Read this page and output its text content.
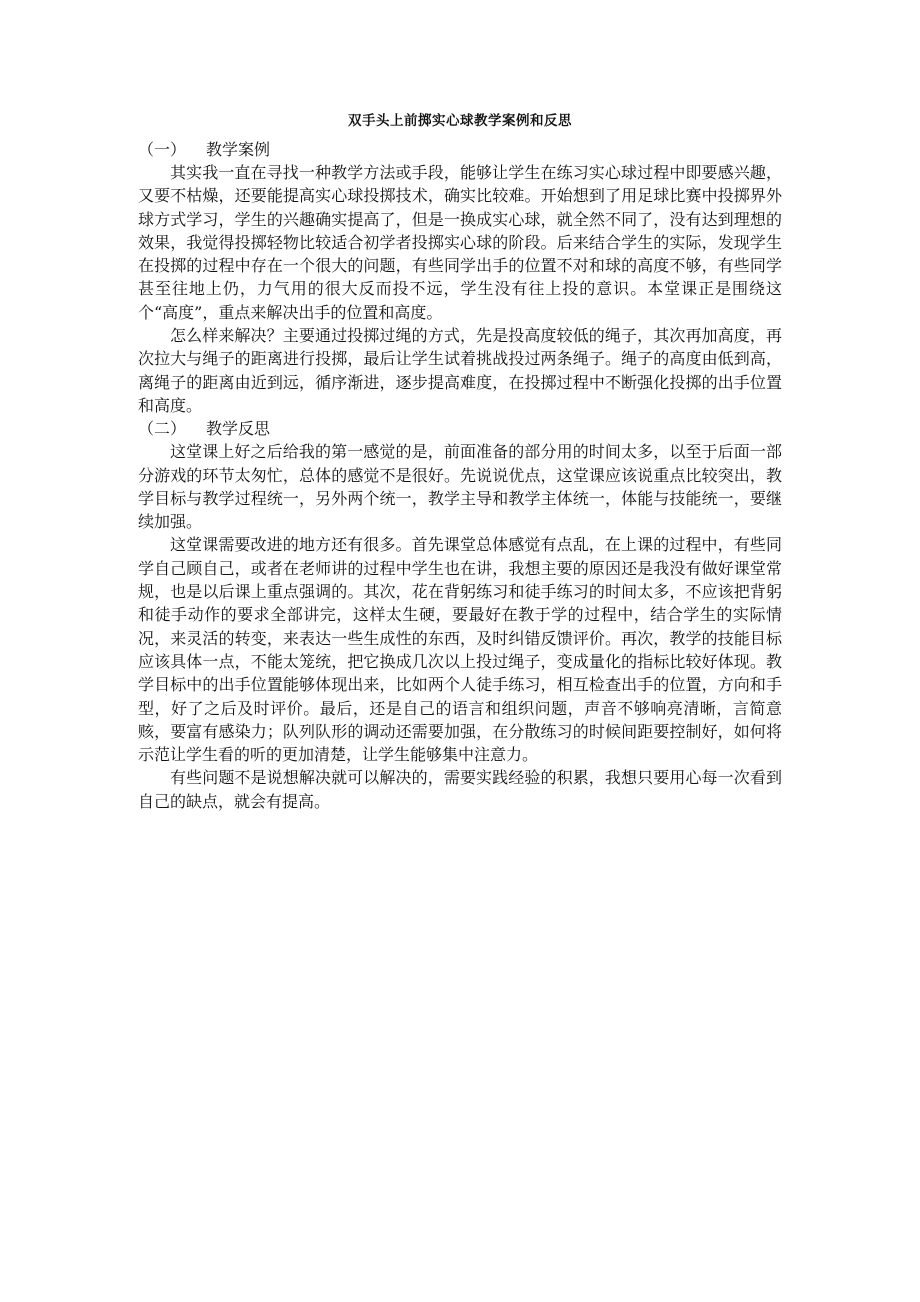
双手头上前掷实心球教学案例和反思

（一） 教学案例

其实我一直在寻找一种教学方法或手段，能够让学生在练习实心球过程中即要感兴趣，又要不枯燥，还要能提高实心球投掷技术，确实比较难。开始想到了用足球比赛中投掷界外球方式学习，学生的兴趣确实提高了，但是一换成实心球，就全然不同了，没有达到理想的效果，我觉得投掷轻物比较适合初学者投掷实心球的阶段。后来结合学生的实际，发现学生在投掷的过程中存在一个很大的问题，有些同学出手的位置不对和球的高度不够，有些同学甚至往地上仍，力气用的很大反而投不远，学生没有往上投的意识。本堂课正是围绕这个“高度”，重点来解决出手的位置和高度。

怎么样来解决？主要通过投掷过绳的方式，先是投高度较低的绳子，其次再加高度，再次拉大与绳子的距离进行投掷，最后让学生试着挑战投过两条绳子。绳子的高度由低到高，离绳子的距离由近到远，循序渐进，逐步提高难度，在投掷过程中不断强化投掷的出手位置和高度。

（二） 教学反思

这堂课上好之后给我的第一感觉的是，前面准备的部分用的时间太多，以至于后面一部分游戏的环节太匆忙，总体的感觉不是很好。先说说优点，这堂课应该说重点比较突出，教学目标与教学过程统一，另外两个统一，教学主导和教学主体统一，体能与技能统一，要继续加强。

这堂课需要改进的地方还有很多。首先课堂总体感觉有点乱，在上课的过程中，有些同学自己顾自己，或者在老师讲的过程中学生也在讲，我想主要的原因还是我没有做好课堂常规，也是以后课上重点强调的。其次，花在背躬练习和徒手练习的时间太多，不应该把背躬和徒手动作的要求全部讲完，这样太生硬，要最好在教于学的过程中，结合学生的实际情况，来灵活的转变，来表达一些生成性的东西，及时纠错反馈评价。再次，教学的技能目标应该具体一点，不能太笼统，把它换成几次以上投过绳子，变成量化的指标比较好体现。教学目标中的出手位置能够体现出来，比如两个人徒手练习，相互检查出手的位置，方向和手型，好了之后及时评价。最后，还是自己的语言和组织问题，声音不够响亮清晰，言简意赅，要富有感染力；队列队形的调动还需要加强，在分散练习的时候间距要控制好，如何将示范让学生看的听的更加清楚，让学生能够集中注意力。

有些问题不是说想解决就可以解决的，需要实践经验的积累，我想只要用心每一次看到自己的缺点，就会有提高。
